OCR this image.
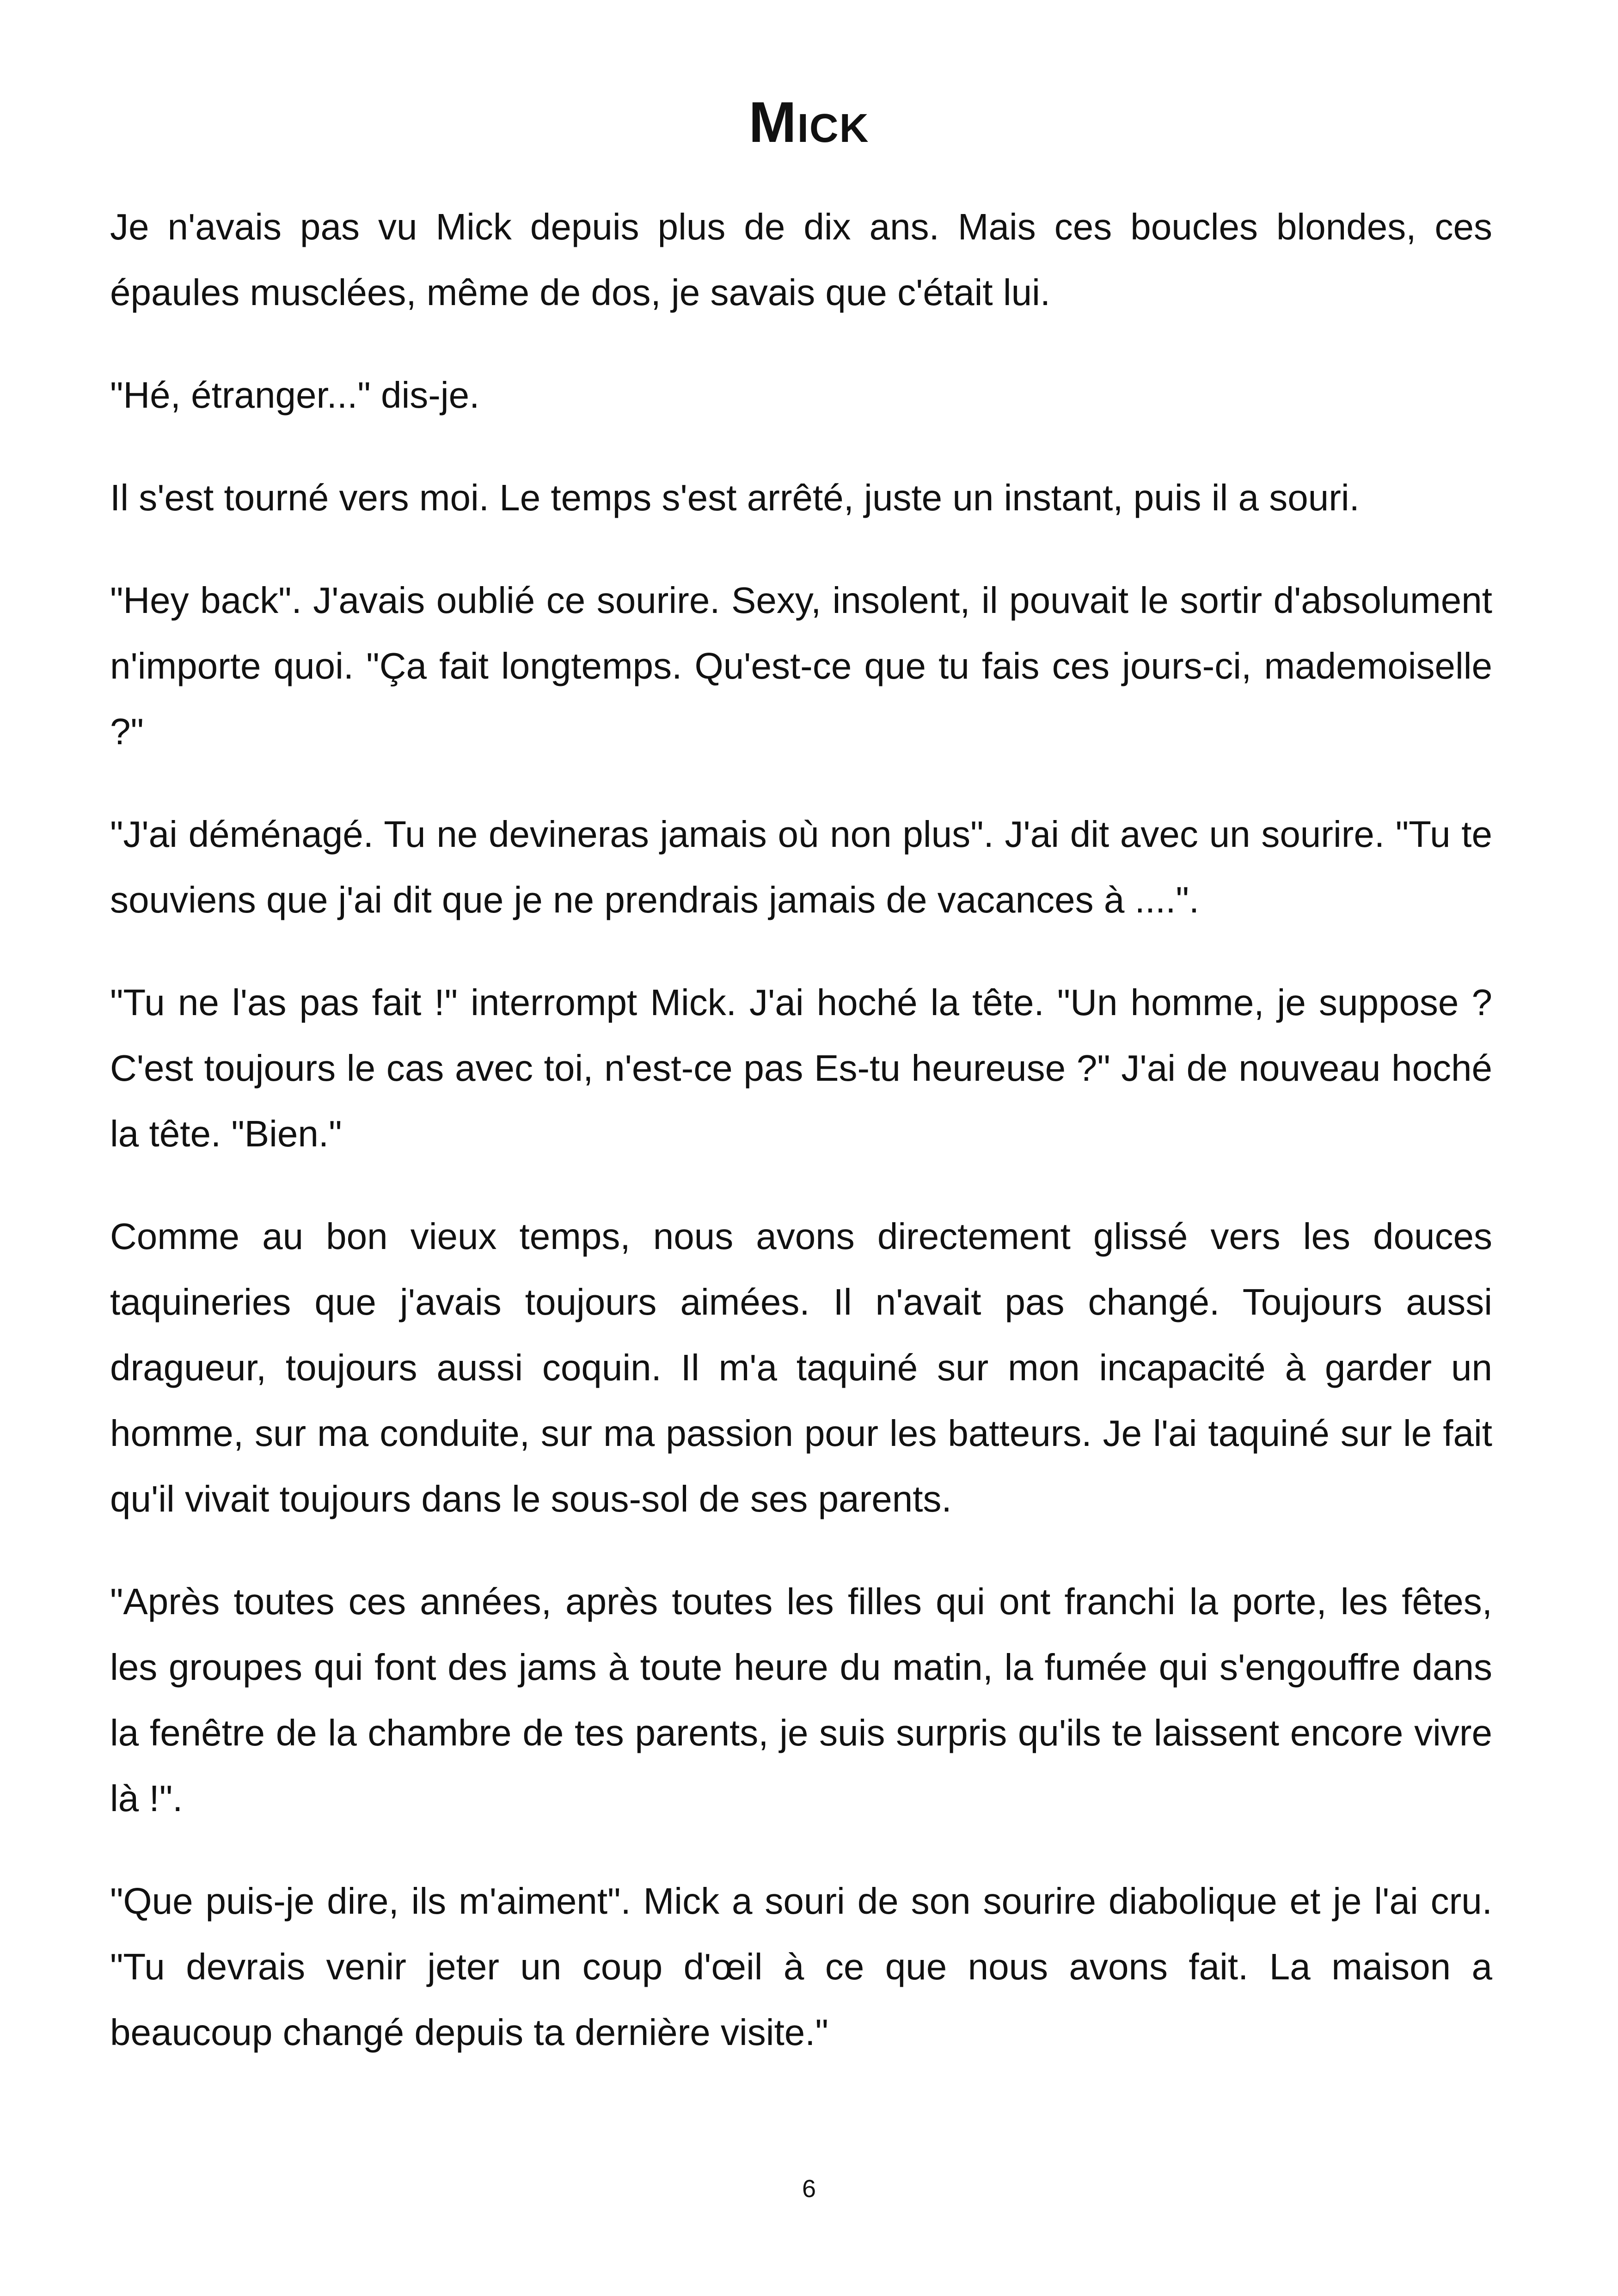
Mick

Je n'avais pas vu Mick depuis plus de dix ans. Mais ces boucles blondes, ces épaules musclées, même de dos, je savais que c'était lui.

"Hé, étranger..." dis-je.

Il s'est tourné vers moi. Le temps s'est arrêté, juste un instant, puis il a souri.

"Hey back". J'avais oublié ce sourire. Sexy, insolent, il pouvait le sortir d'absolument n'importe quoi. "Ça fait longtemps. Qu'est-ce que tu fais ces jours-ci, mademoiselle ?"

"J'ai déménagé. Tu ne devineras jamais où non plus". J'ai dit avec un sourire. "Tu te souviens que j'ai dit que je ne prendrais jamais de vacances à ....".

"Tu ne l'as pas fait !" interrompt Mick. J'ai hoché la tête. "Un homme, je suppose ? C'est toujours le cas avec toi, n'est-ce pas Es-tu heureuse ?" J'ai de nouveau hoché la tête. "Bien."

Comme au bon vieux temps, nous avons directement glissé vers les douces taquineries que j'avais toujours aimées. Il n'avait pas changé. Toujours aussi dragueur, toujours aussi coquin. Il m'a taquiné sur mon incapacité à garder un homme, sur ma conduite, sur ma passion pour les batteurs. Je l'ai taquiné sur le fait qu'il vivait toujours dans le sous-sol de ses parents.

"Après toutes ces années, après toutes les filles qui ont franchi la porte, les fêtes, les groupes qui font des jams à toute heure du matin, la fumée qui s'engouffre dans la fenêtre de la chambre de tes parents, je suis surpris qu'ils te laissent encore vivre là !".

"Que puis-je dire, ils m'aiment". Mick a souri de son sourire diabolique et je l'ai cru. "Tu devrais venir jeter un coup d'œil à ce que nous avons fait. La maison a beaucoup changé depuis ta dernière visite."

6
